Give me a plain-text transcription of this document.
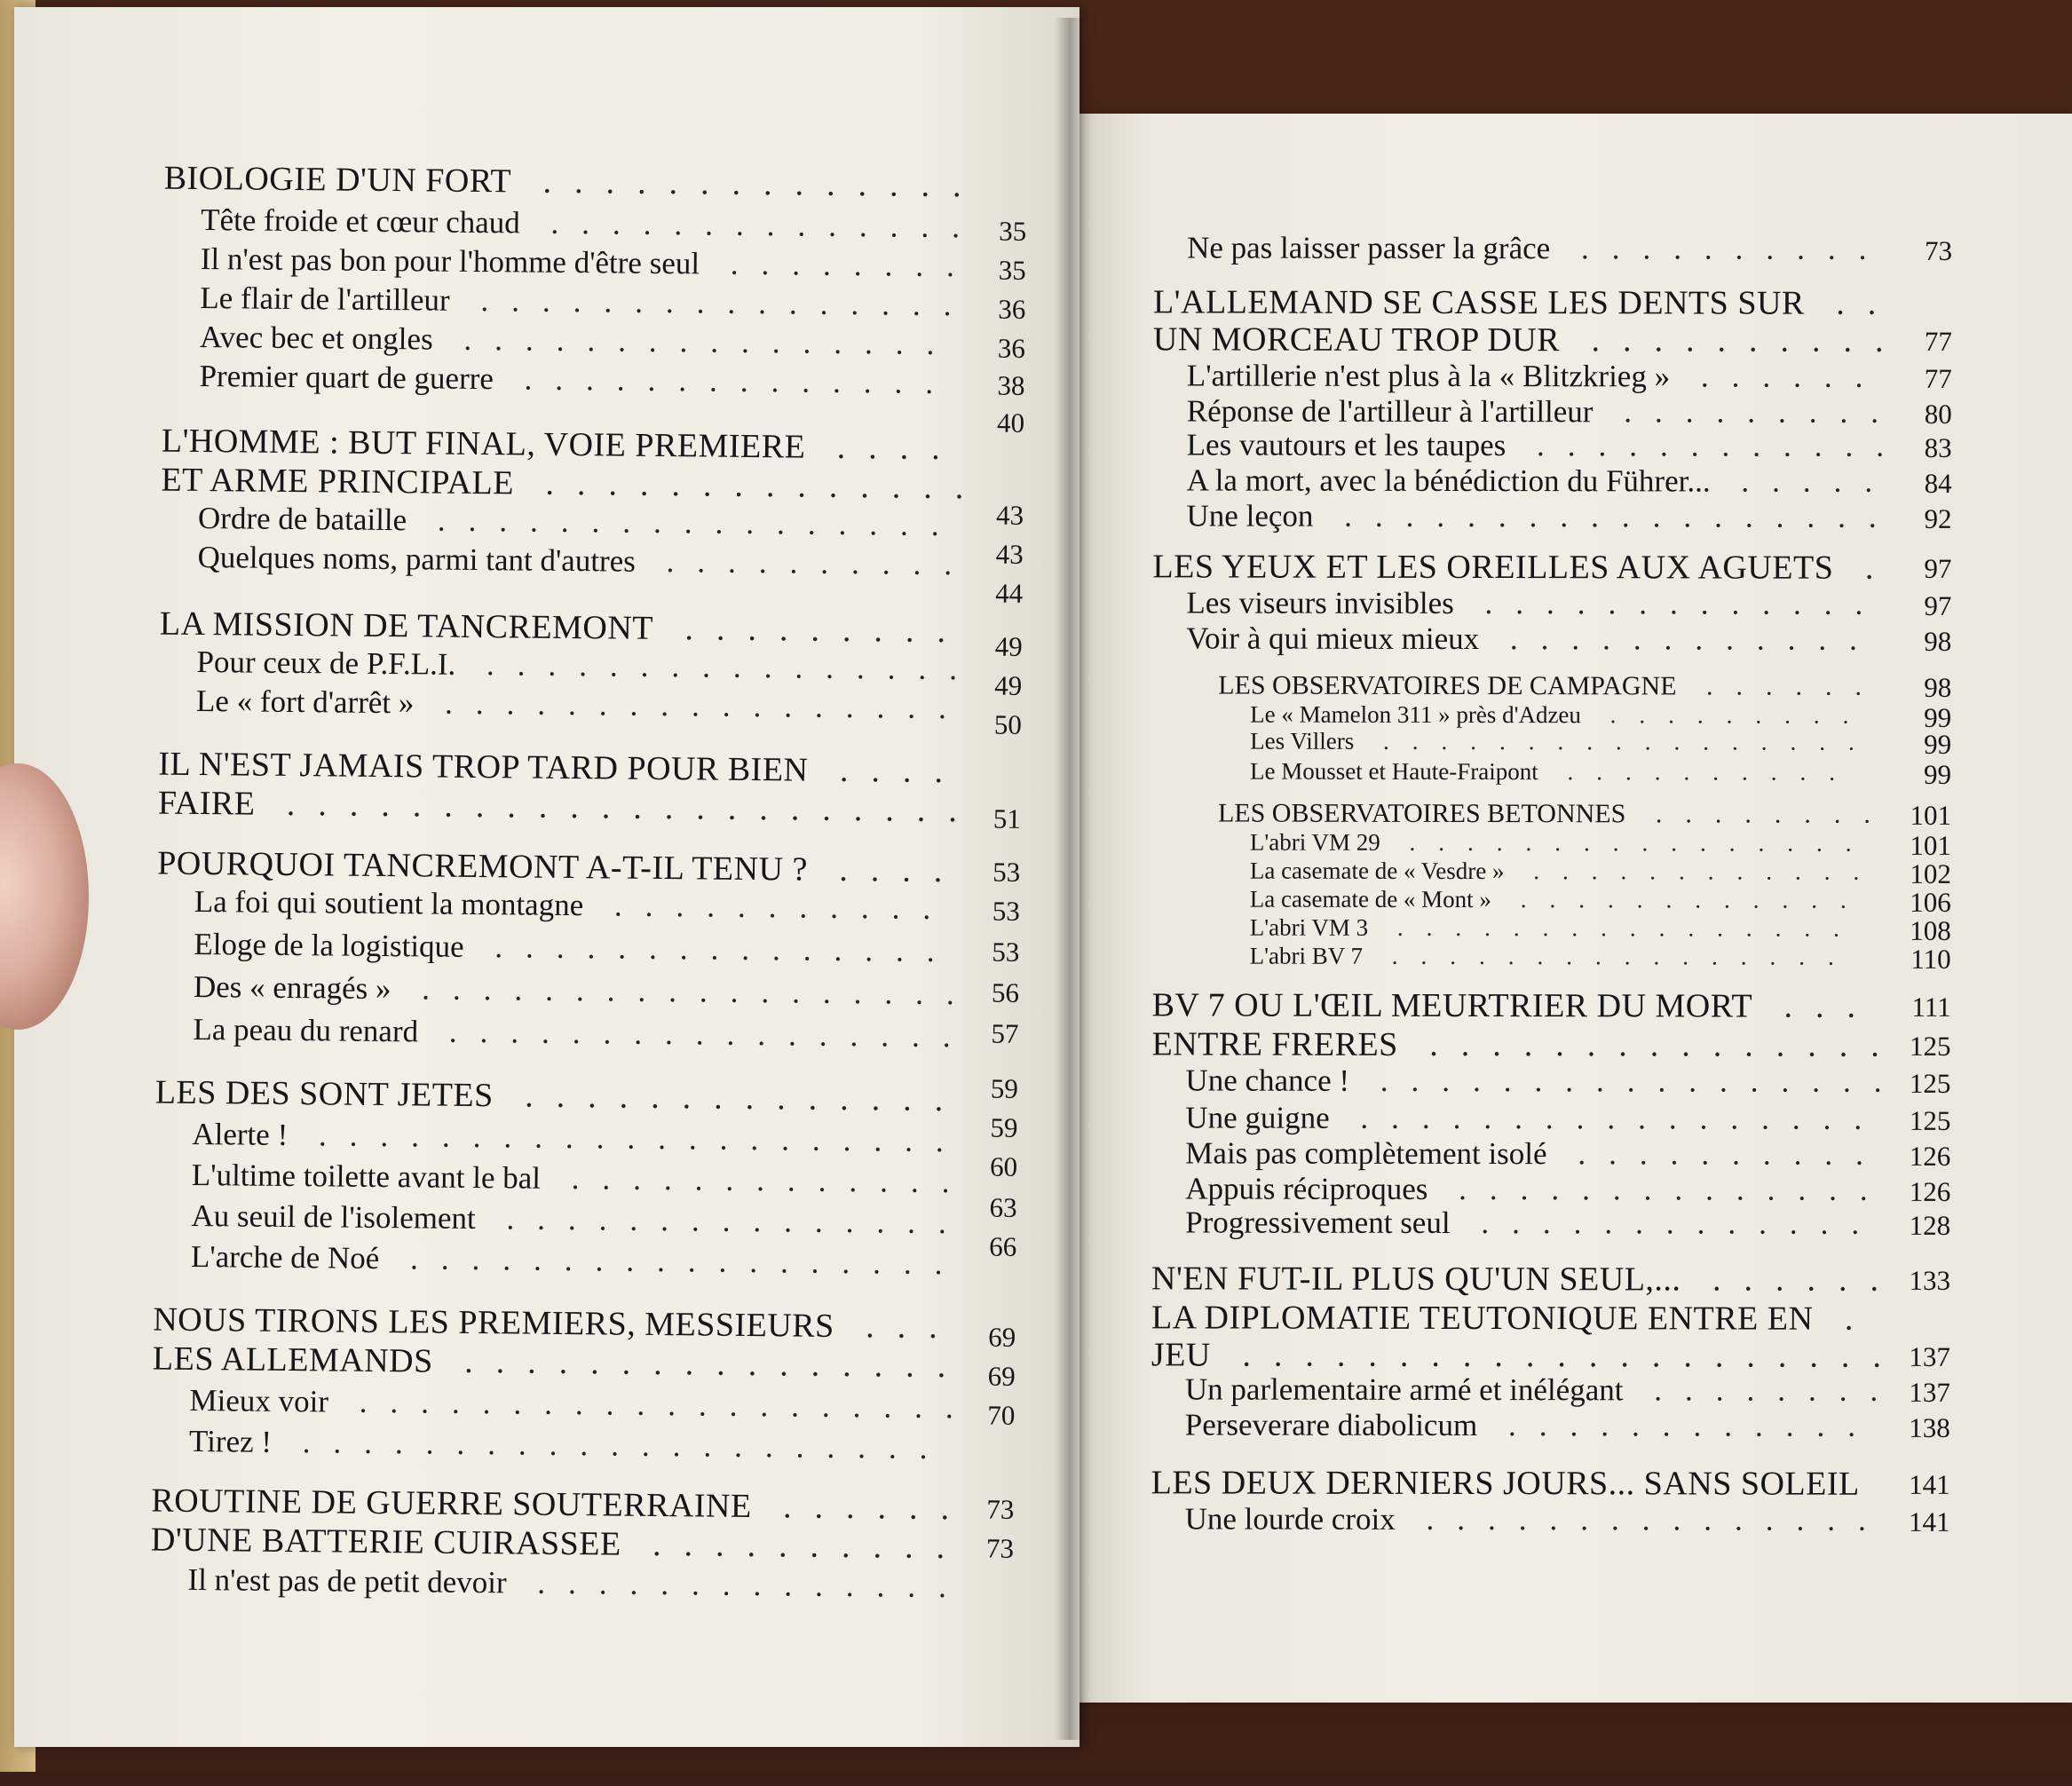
BIOLOGIE D'UN FORT ..............
Tête froide et cœur chaud ..............
Il n'est pas bon pour l'homme d'être seul ........
Le flair de l'artilleur ................
Avec bec et ongles ................
Premier quart de guerre ..............
L'HOMME : BUT FINAL, VOIE PREMIERE ....
ET ARME PRINCIPALE ..............
Ordre de bataille .................
Quelques noms, parmi tant d'autres ..........
LA MISSION DE TANCREMONT .........
Pour ceux de P.F.L.I. ................
Le « fort d'arrêt » .................
IL N'EST JAMAIS TROP TARD POUR BIEN ....
FAIRE ......................
POURQUOI TANCREMONT A-T-IL TENU ? ....
La foi qui soutient la montagne ...........
Eloge de la logistique ...............
Des « enragés » ..................
La peau du renard .................
LES DES SONT JETES ..............
Alerte ! .....................
L'ultime toilette avant le bal .............
Au seuil de l'isolement ...............
L'arche de Noé ..................
NOUS TIRONS LES PREMIERS, MESSIEURS ...
LES ALLEMANDS ................
Mieux voir ....................
Tirez ! .....................
ROUTINE DE GUERRE SOUTERRAINE ......
D'UNE BATTERIE CUIRASSEE ..........
Il n'est pas de petit devoir ..............
35
35
36
36
38
40
43
43
44
49
49
50
51
53
53
53
56
57
59
59
60
63
66
69
69
70
73
73
Ne pas laisser passer la grâce .......... 73
L'ALLEMAND SE CASSE LES DENTS SUR ..
UN MORCEAU TROP DUR .......... 77
L'artillerie n'est plus à la « Blitzkrieg » ...... 77
Réponse de l'artilleur à l'artilleur ......... 80
Les vautours et les taupes ............ 83
A la mort, avec la bénédiction du Führer... ..... 84
Une leçon .................. 92
LES YEUX ET LES OREILLES AUX AGUETS . 97
Les viseurs invisibles ............. 97
Voir à qui mieux mieux ............ 98
LES OBSERVATOIRES DE CAMPAGNE ...... 98
Le « Mamelon 311 » près d'Adzeu ......... 99
Les Villers ................. 99
Le Mousset et Haute-Fraipont .......... 99
LES OBSERVATOIRES BETONNES ........ 101
L'abri VM 29 ................ 101
La casemate de « Vesdre » ............ 102
La casemate de « Mont » ............ 106
L'abri VM 3 ................ 108
L'abri BV 7 ................ 110
BV 7 OU L'ŒIL MEURTRIER DU MORT ... 111
ENTRE FRERES ............... 125
Une chance ! ................. 125
Une guigne ................. 125
Mais pas complètement isolé .......... 126
Appuis réciproques .............. 126
Progressivement seul ............. 128
N'EN FUT-IL PLUS QU'UN SEUL,... ...... 133
LA DIPLOMATIE TEUTONIQUE ENTRE EN .
JEU ..................... 137
Un parlementaire armé et inélégant ........ 137
Perseverare diabolicum ............ 138
LES DEUX DERNIERS JOURS... SANS SOLEIL 141
Une lourde croix ............... 141
